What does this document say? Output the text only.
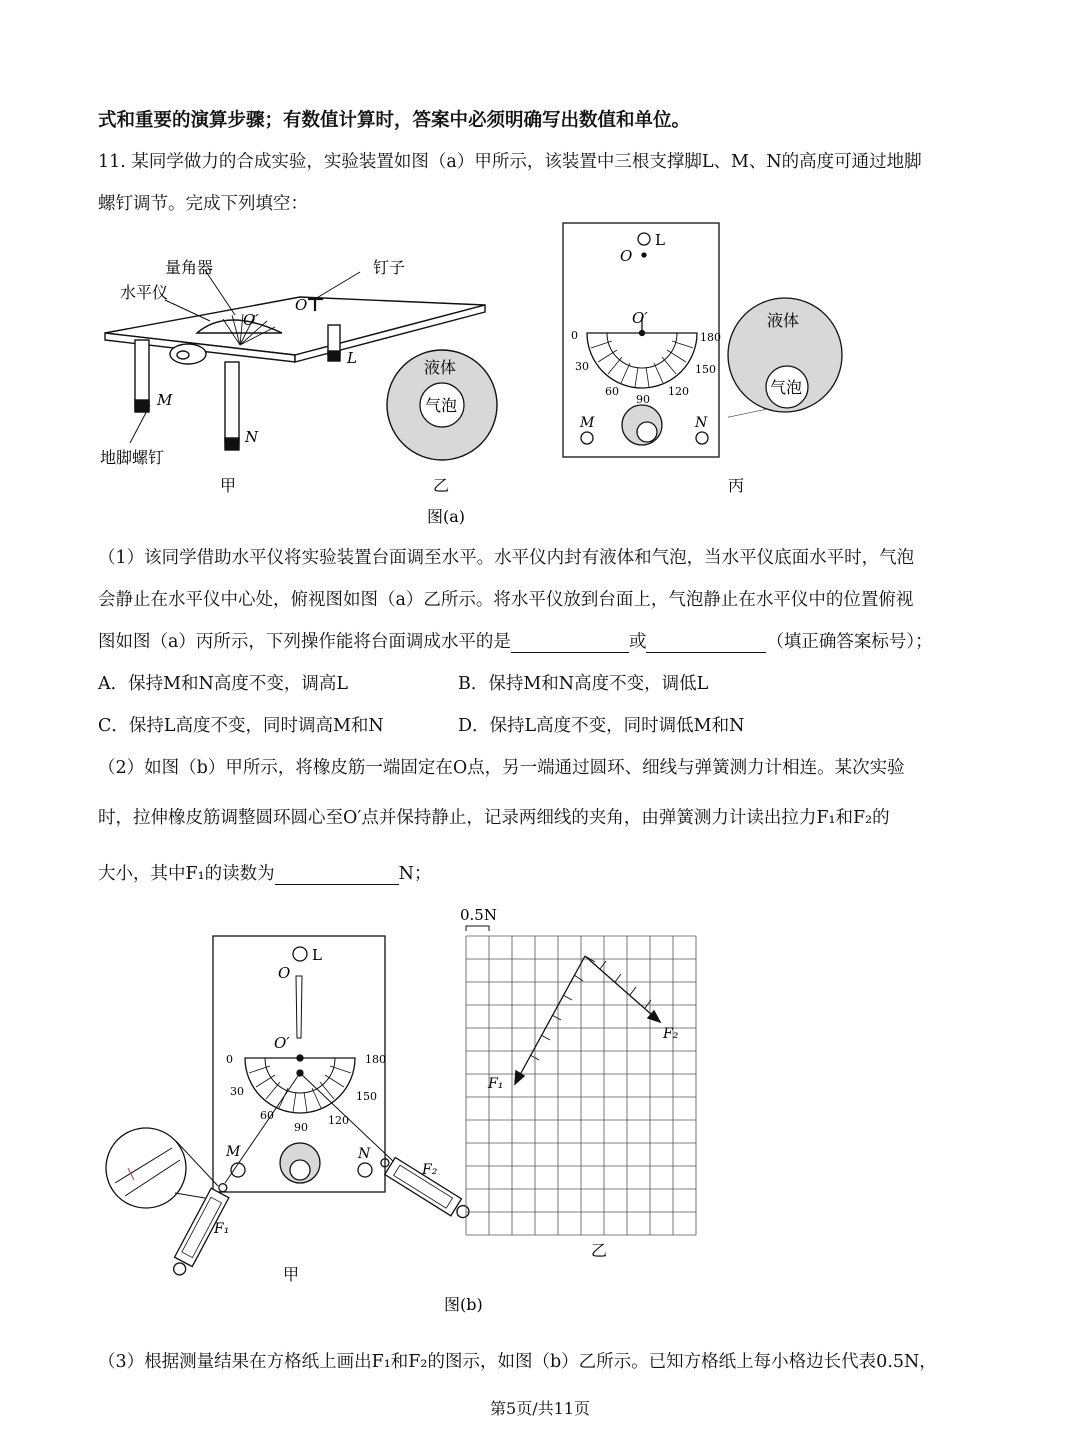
式和重要的演算步骤；有数值计算时，答案中必须明确写出数值和单位。
11. 某同学做力的合成实验，实验装置如图（a）甲所示，该装置中三根支撑脚L、M、N的高度可通过地脚
螺钉调节。完成下列填空：
量角器
水平仪
钉子
O′
O
L
M
N
地脚螺钉
甲
液体
气泡
乙
L
O
O′
0
30
60
90
120
150
180
M	N
液体
气泡
丙
图(a)
（1）该同学借助水平仪将实验装置台面调至水平。水平仪内封有液体和气泡，当水平仪底面水平时，气泡
会静止在水平仪中心处，俯视图如图（a）乙所示。将水平仪放到台面上，气泡静止在水平仪中的位置俯视
图如图（a）丙所示，下列操作能将台面调成水平的是	或	（填正确答案标号）；
A．保持M和N高度不变，调高L	B．保持M和N高度不变，调低L
C．保持L高度不变，同时调高M和N	D．保持L高度不变，同时调低M和N
（2）如图（b）甲所示，将橡皮筋一端固定在O点，另一端通过圆环、细线与弹簧测力计相连。某次实验
时，拉伸橡皮筋调整圆环圆心至O′点并保持静止，记录两细线的夹角，由弹簧测力计读出拉力F₁和F₂的
大小，其中F₁的读数为	N；
L
O
O′
0
30
60
90
120
150
180
M	N
F₂
F₁
甲
0.5N
F₁
F₂
乙
图(b)
（3）根据测量结果在方格纸上画出F₁和F₂的图示，如图（b）乙所示。已知方格纸上每小格边长代表0.5N，
第5页/共11页
